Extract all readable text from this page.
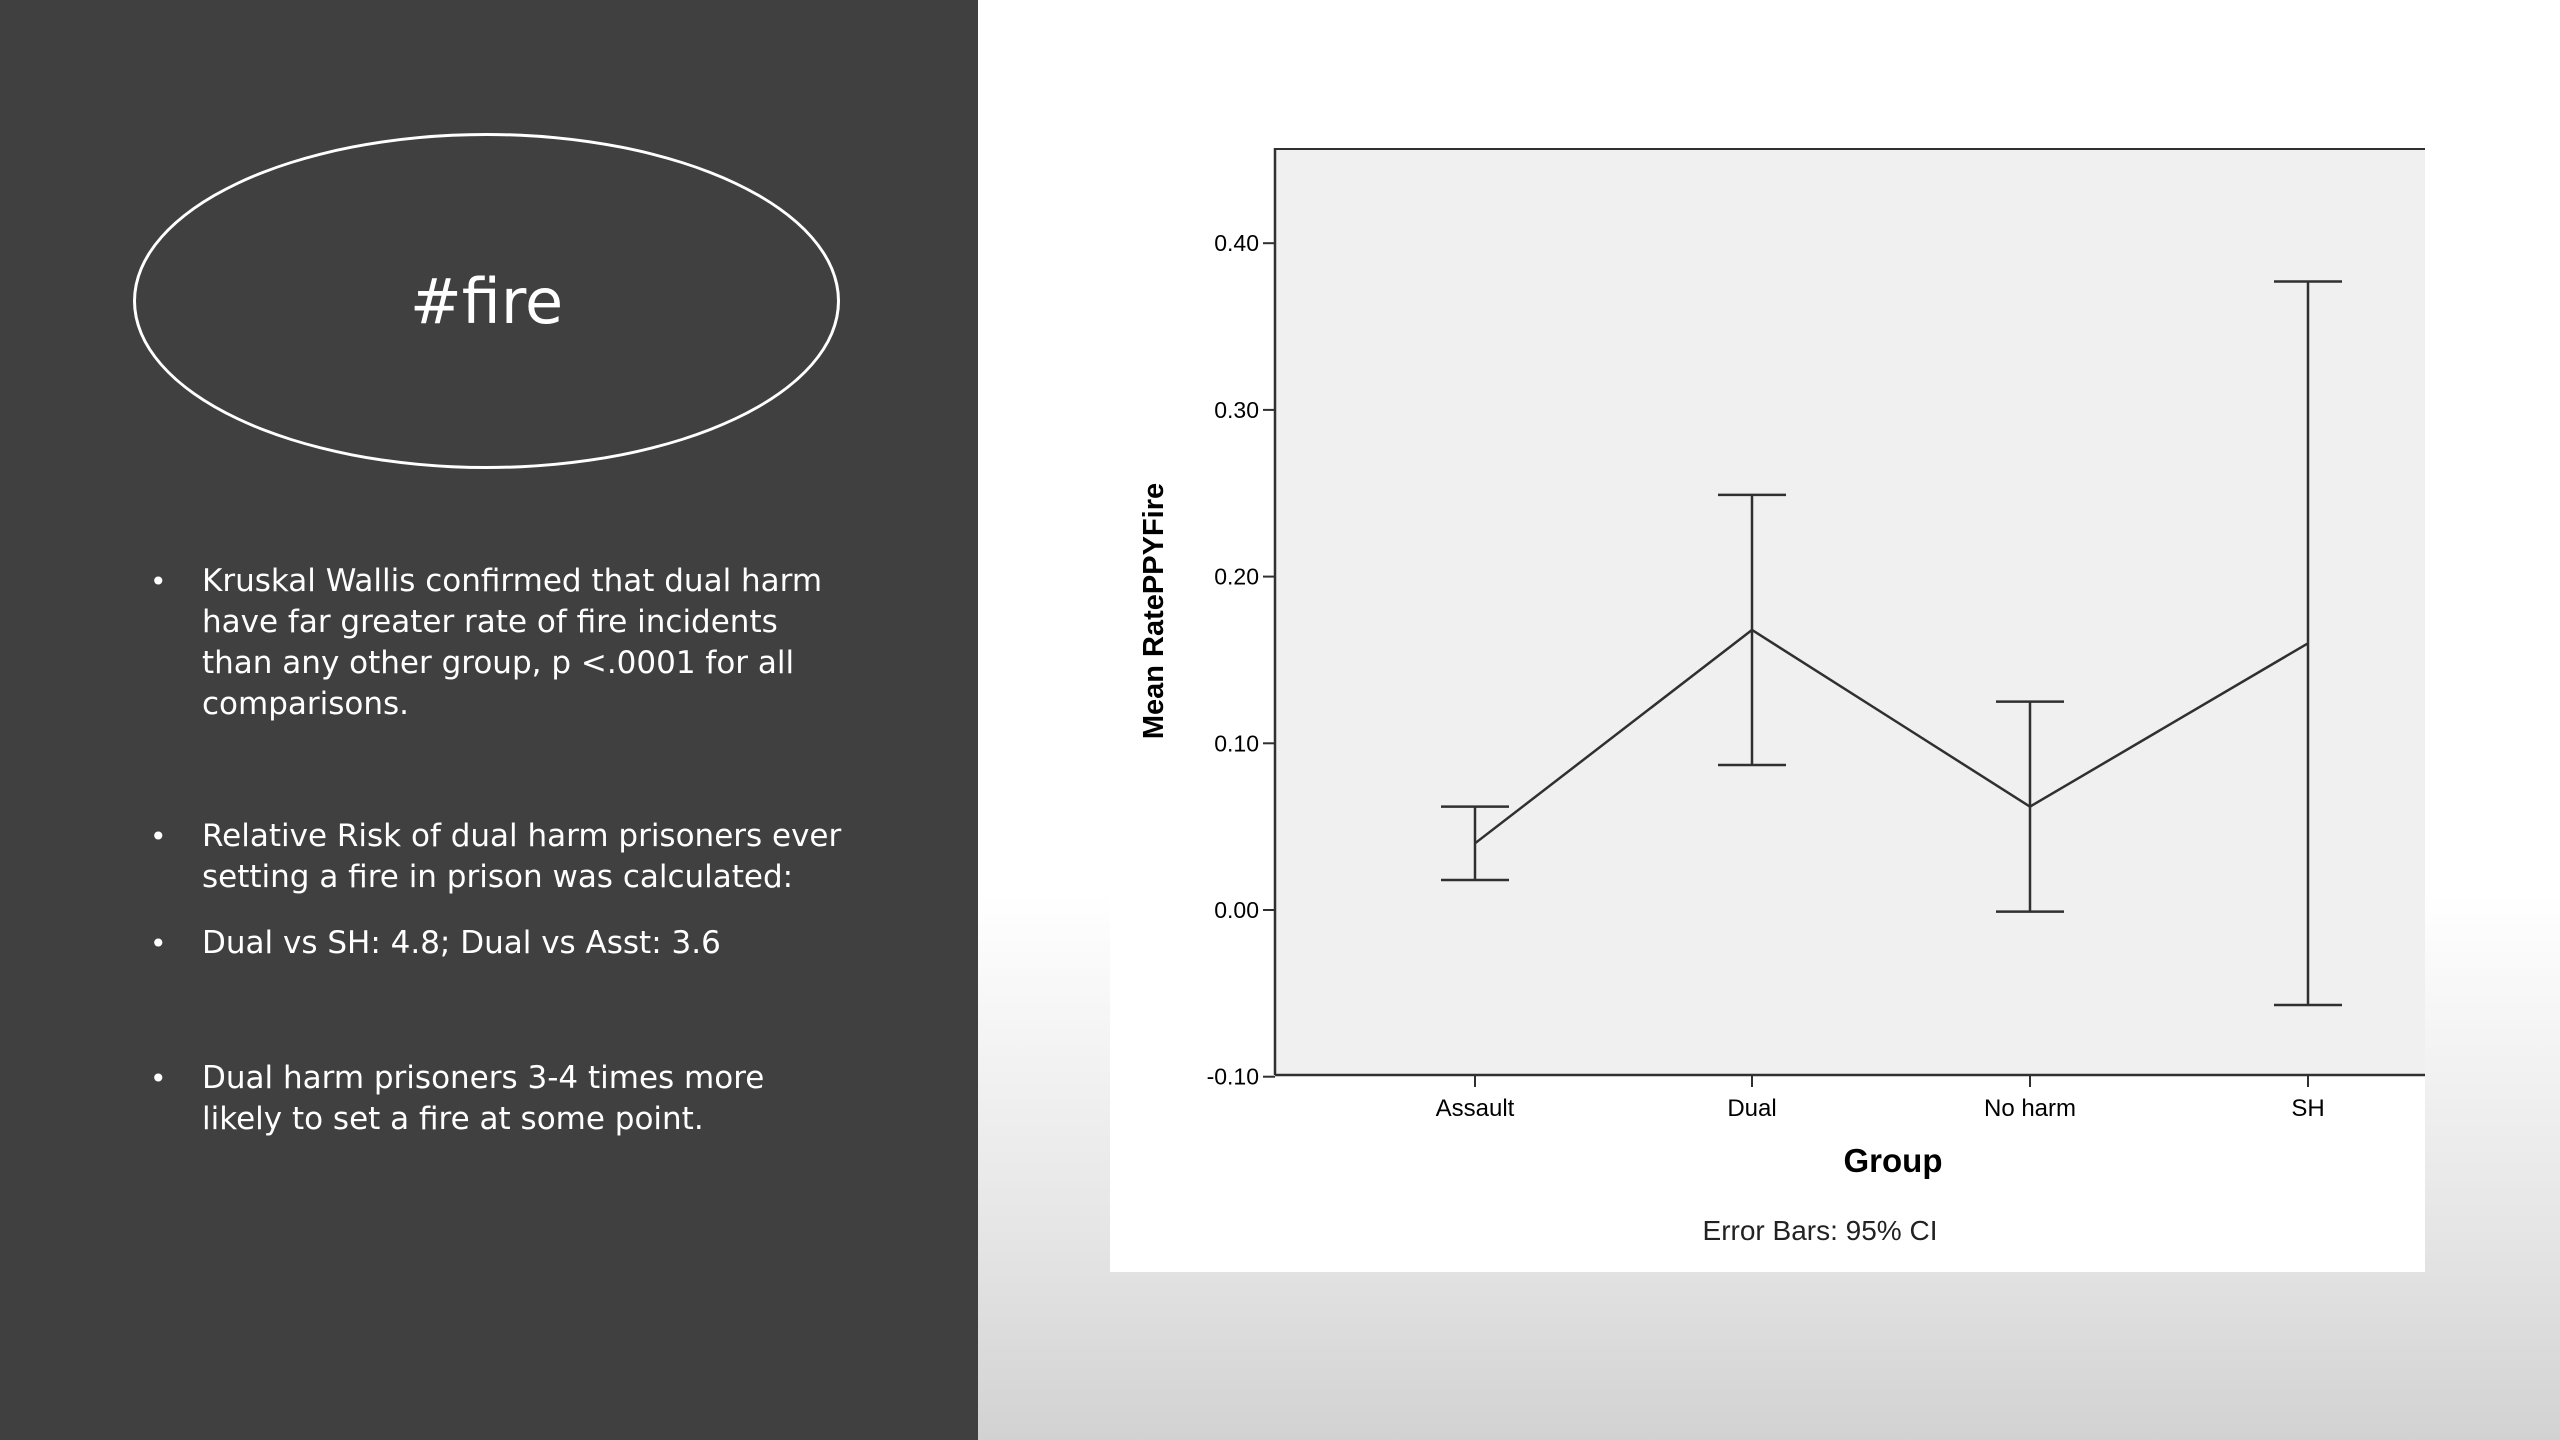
#fire
• Kruskal Wallis confirmed that dual harm have far greater rate of fire incidents than any other group, p <.0001 for all comparisons.
• Relative Risk of dual harm prisoners ever setting a fire in prison was calculated:
• Dual vs SH: 4.8; Dual vs Asst: 3.6
• Dual harm prisoners 3-4 times more likely to set a fire at some point.
0.40
0.30
0.20
0.10
0.00
-0.10
Assault	Dual	No harm	SH
Mean RatePPYFire
Group
Error Bars: 95% CI
